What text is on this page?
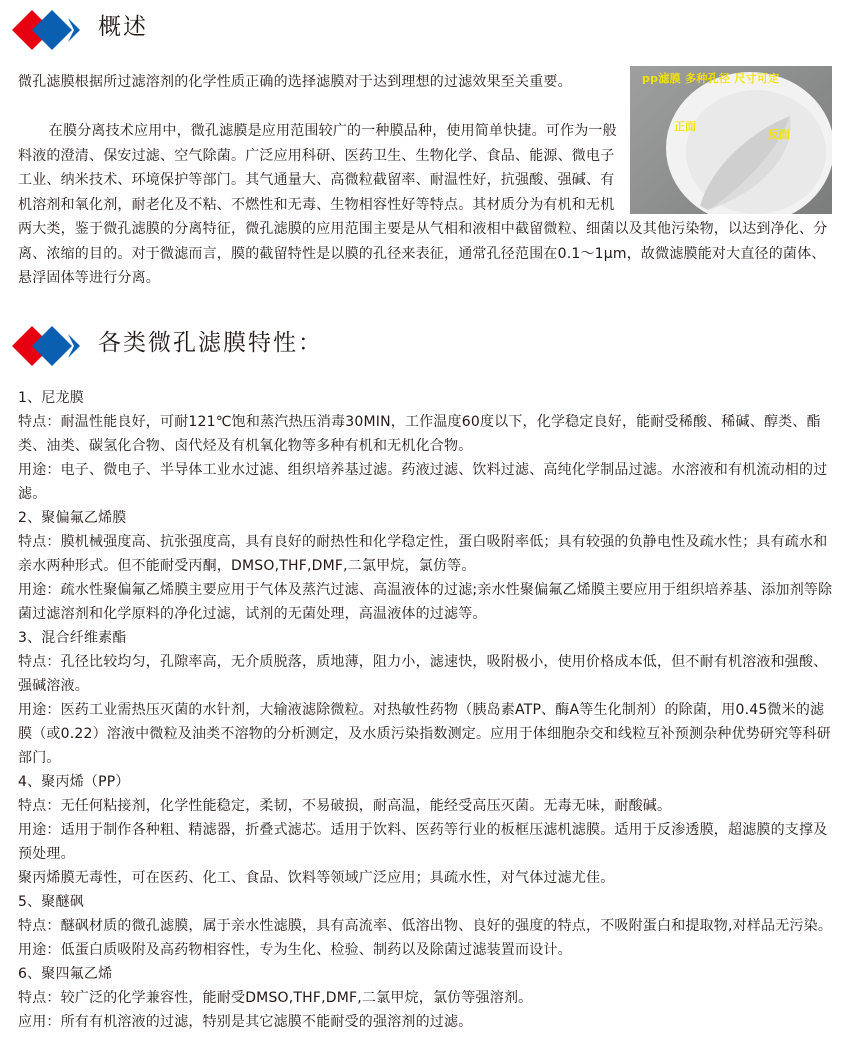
概述

微孔滤膜根据所过滤溶剂的化学性质正确的选择滤膜对于达到理想的过滤效果至关重要。

在膜分离技术应用中，微孔滤膜是应用范围较广的一种膜品种，使用简单快捷。可作为一般料液的澄清、保安过滤、空气除菌。广泛应用科研、医药卫生、生物化学、食品、能源、微电子工业、纳米技术、环境保护等部门。其气通量大、高微粒截留率、耐温性好，抗强酸、强碱、有机溶剂和氧化剂，耐老化及不粘、不燃性和无毒、生物相容性好等特点。其材质分为有机和无机两大类，鉴于微孔滤膜的分离特征，微孔滤膜的应用范围主要是从气相和液相中截留微粒、细菌以及其他污染物，以达到净化、分离、浓缩的目的。对于微滤而言，膜的截留特性是以膜的孔径来表征，通常孔径范围在0.1～1μm，故微滤膜能对大直径的菌体、悬浮固体等进行分离。

pp滤膜 多种孔径 尺寸可定
正面
反面
各类微孔滤膜特性：

1、尼龙膜

特点：耐温性能良好，可耐121℃饱和蒸汽热压消毒30MIN，工作温度60度以下，化学稳定良好，能耐受稀酸、稀碱、醇类、酯类、油类、碳氢化合物、卤代烃及有机氧化物等多种有机和无机化合物。

用途：电子、微电子、半导体工业水过滤、组织培养基过滤。药液过滤、饮料过滤、高纯化学制品过滤。水溶液和有机流动相的过滤。

2、聚偏氟乙烯膜

特点：膜机械强度高、抗张强度高，具有良好的耐热性和化学稳定性，蛋白吸附率低；具有较强的负静电性及疏水性；具有疏水和亲水两种形式。但不能耐受丙酮，DMSO,THF,DMF,二氯甲烷，氯仿等。

用途：疏水性聚偏氟乙烯膜主要应用于气体及蒸汽过滤、高温液体的过滤;亲水性聚偏氟乙烯膜主要应用于组织培养基、添加剂等除菌过滤溶剂和化学原料的净化过滤，试剂的无菌处理，高温液体的过滤等。

3、混合纤维素酯

特点：孔径比较均匀，孔隙率高，无介质脱落，质地薄，阻力小，滤速快，吸附极小，使用价格成本低，但不耐有机溶液和强酸、强碱溶液。

用途：医药工业需热压灭菌的水针剂，大输液滤除微粒。对热敏性药物（胰岛素ATP、酶A等生化制剂）的除菌，用0.45微米的滤膜（或0.22）溶液中微粒及油类不溶物的分析测定，及水质污染指数测定。应用于体细胞杂交和线粒互补预测杂种优势研究等科研部门。

4、聚丙烯（PP）

特点：无任何粘接剂，化学性能稳定，柔韧，不易破损，耐高温，能经受高压灭菌。无毒无味，耐酸碱。

用途：适用于制作各种粗、精滤器，折叠式滤芯。适用于饮料、医药等行业的板框压滤机滤膜。适用于反渗透膜，超滤膜的支撑及预处理。

聚丙烯膜无毒性，可在医药、化工、食品、饮料等领域广泛应用；具疏水性，对气体过滤尤佳。

5、聚醚砜

特点：醚砜材质的微孔滤膜，属于亲水性滤膜，具有高流率、低溶出物、良好的强度的特点，不吸附蛋白和提取物,对样品无污染。

用途：低蛋白质吸附及高药物相容性，专为生化、检验、制药以及除菌过滤装置而设计。

6、聚四氟乙烯

特点：较广泛的化学兼容性，能耐受DMSO,THF,DMF,二氯甲烷，氯仿等强溶剂。

应用：所有有机溶液的过滤，特别是其它滤膜不能耐受的强溶剂的过滤。
